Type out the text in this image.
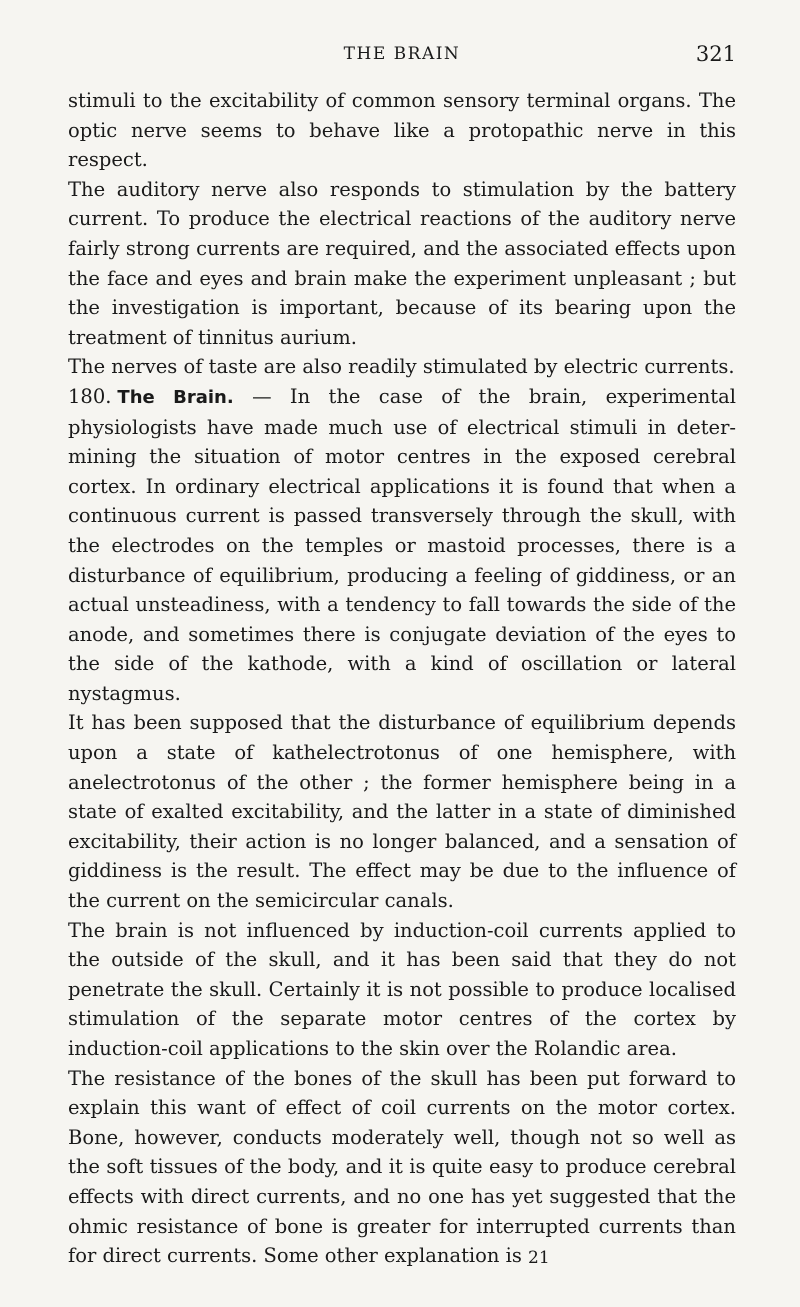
THE BRAIN	321

stimuli to the excitability of common sensory terminal organs. The optic nerve seems to behave like a protopathic nerve in this respect.

The auditory nerve also responds to stimulation by the battery current. To produce the electrical reactions of the auditory nerve fairly strong currents are required, and the associated effects upon the face and eyes and brain make the experiment unpleasant ; but the investigation is important, because of its bearing upon the treatment of tinnitus aurium.

The nerves of taste are also readily stimulated by electric currents.

180. The Brain. — In the case of the brain, experimental physiologists have made much use of electrical stimuli in deter-mining the situation of motor centres in the exposed cerebral cortex. In ordinary electrical applications it is found that when a continuous current is passed transversely through the skull, with the electrodes on the temples or mastoid processes, there is a disturbance of equilibrium, producing a feeling of giddiness, or an actual unsteadiness, with a tendency to fall towards the side of the anode, and sometimes there is conjugate deviation of the eyes to the side of the kathode, with a kind of oscillation or lateral nystagmus.

It has been supposed that the disturbance of equilibrium depends upon a state of kathelectrotonus of one hemisphere, with anelectrotonus of the other ; the former hemisphere being in a state of exalted excitability, and the latter in a state of diminished excitability, their action is no longer balanced, and a sensation of giddiness is the result. The effect may be due to the influence of the current on the semicircular canals.

The brain is not influenced by induction-coil currents applied to the outside of the skull, and it has been said that they do not penetrate the skull. Certainly it is not possible to produce localised stimulation of the separate motor centres of the cortex by induction-coil applications to the skin over the Rolandic area.

The resistance of the bones of the skull has been put forward to explain this want of effect of coil currents on the motor cortex. Bone, however, conducts moderately well, though not so well as the soft tissues of the body, and it is quite easy to produce cerebral effects with direct currents, and no one has yet suggested that the ohmic resistance of bone is greater for interrupted currents than for direct currents. Some other explanation is 21
